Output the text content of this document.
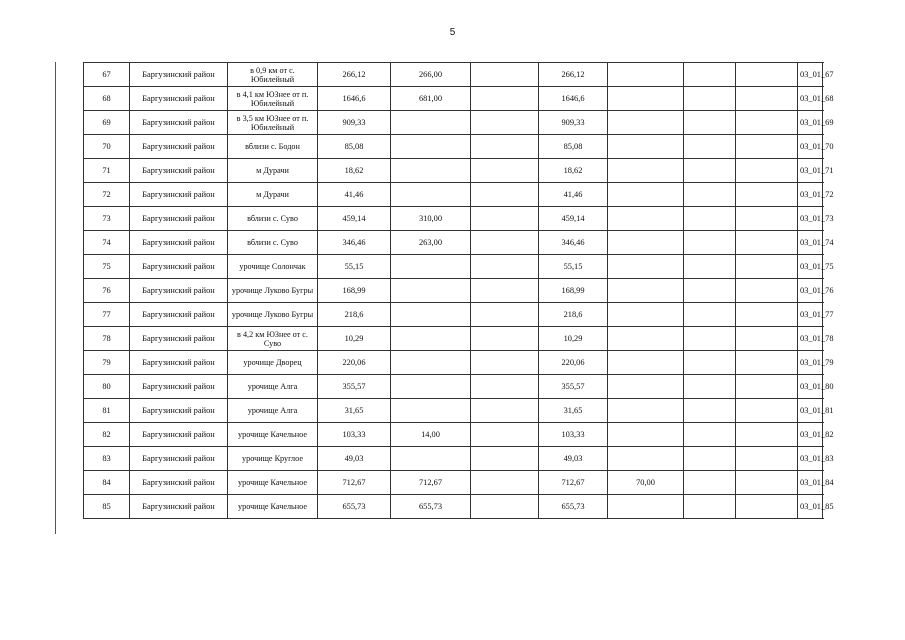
5
67	Баргузинский район	в 0,9 км от с. Юбилейный	266,12	266,00		266,12				03_01_67
68	Баргузинский район	в 4,1 км ЮЗнее от п. Юбилейный	1646,6	681,00		1646,6				03_01_68
69	Баргузинский район	в 3,5 км ЮЗнее от п. Юбилейный	909,33			909,33				03_01_69
70	Баргузинский район	вблизи с. Бодон	85,08			85,08				03_01_70
71	Баргузинский район	м Дурачи	18,62			18,62				03_01_71
72	Баргузинский район	м Дурачи	41,46			41,46				03_01_72
73	Баргузинский район	вблизи с. Суво	459,14	310,00		459,14				03_01_73
74	Баргузинский район	вблизи с. Суво	346,46	263,00		346,46				03_01_74
75	Баргузинский район	урочище Солончак	55,15			55,15				03_01_75
76	Баргузинский район	урочище Луково Бугры	168,99			168,99				03_01_76
77	Баргузинский район	урочище Луково Бугры	218,6			218,6				03_01_77
78	Баргузинский район	в 4,2 км ЮЗнее от с. Суво	10,29			10,29				03_01_78
79	Баргузинский район	урочище Дворец	220,06			220,06				03_01_79
80	Баргузинский район	урочище Алга	355,57			355,57				03_01_80
81	Баргузинский район	урочище Алга	31,65			31,65				03_01_81
82	Баргузинский район	урочище Качельное	103,33	14,00		103,33				03_01_82
83	Баргузинский район	урочище Круглое	49,03			49,03				03_01_83
84	Баргузинский район	урочище Качельное	712,67	712,67		712,67	70,00			03_01_84
85	Баргузинский район	урочище Качельное	655,73	655,73		655,73				03_01_85
